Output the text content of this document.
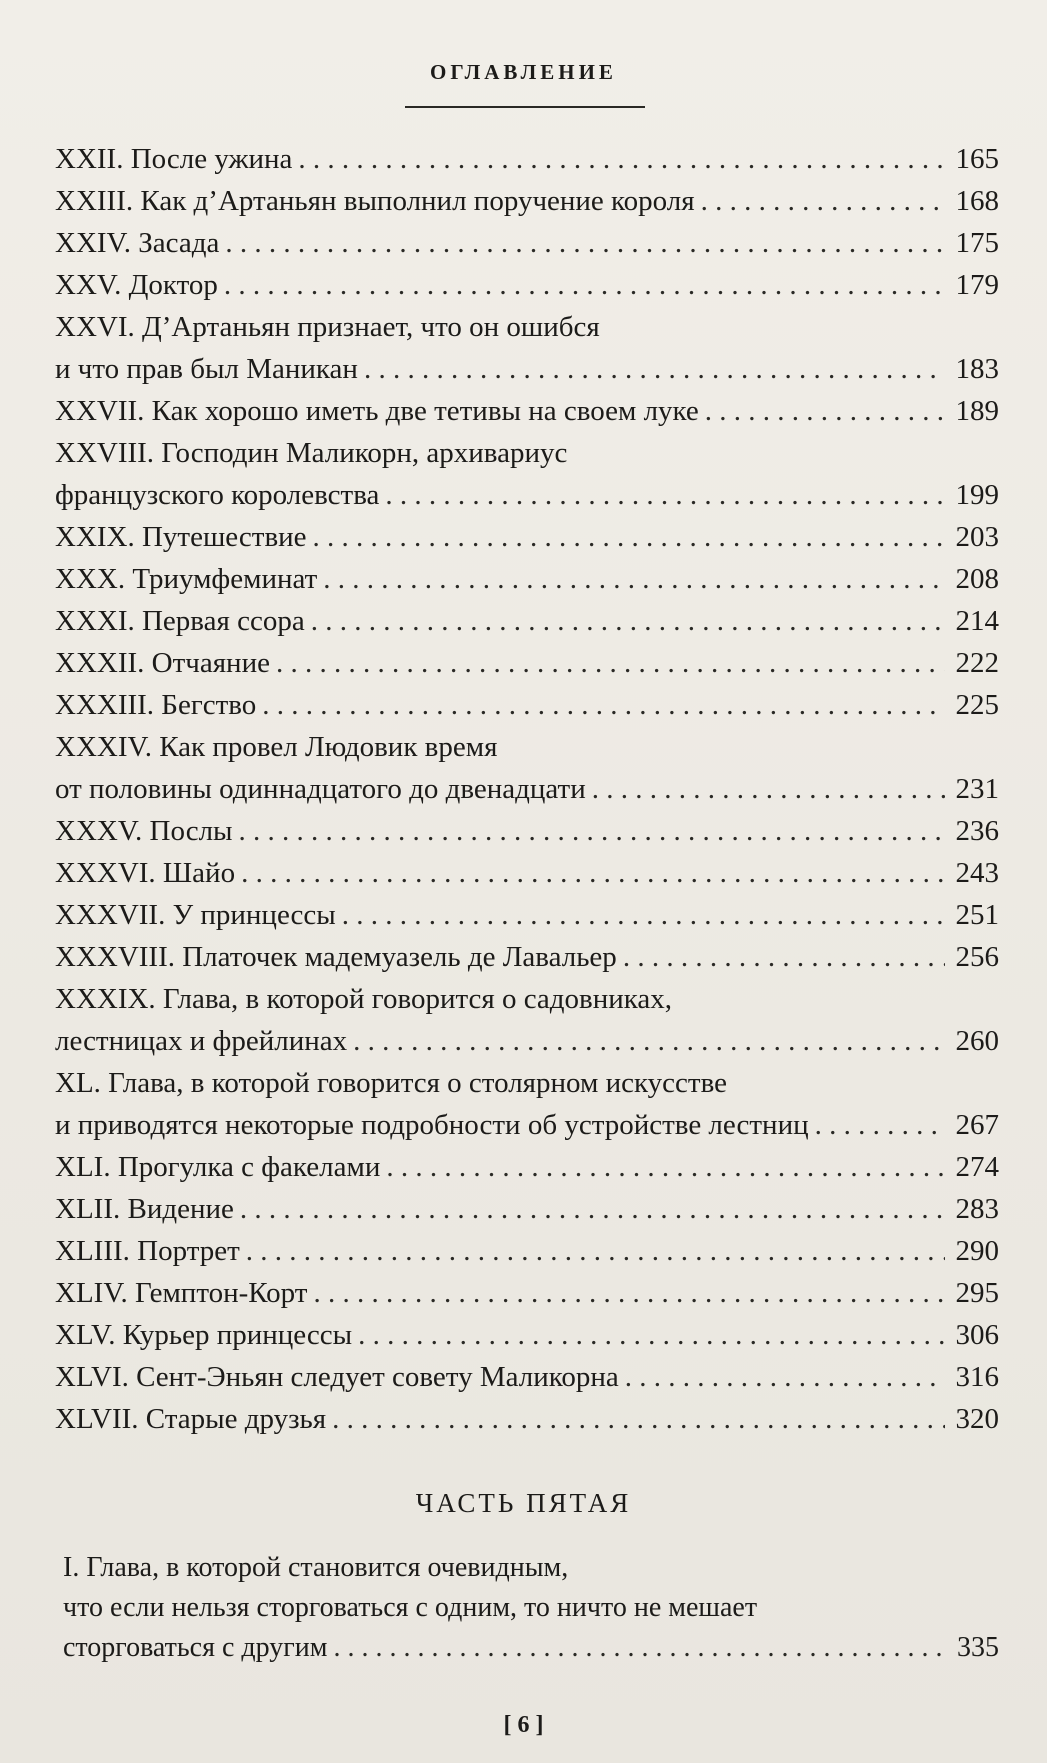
ОГЛАВЛЕНИЕ
XXII. После ужина . . .	165
XXIII. Как д’Артаньян выполнил поручение короля . . .	168
XXIV. Засада . . .	175
XXV. Доктор . . .	179
XXVI. Д’Артаньян признает, что он ошибся
и что прав был Маникан . . .	183
XXVII. Как хорошо иметь две тетивы на своем луке . . .	189
XXVIII. Господин Маликорн, архивариус
французского королевства . . .	199
XXIX. Путешествие . . .	203
XXX. Триумфеминат . . .	208
XXXI. Первая ссора . . .	214
XXXII. Отчаяние . . .	222
XXXIII. Бегство . . .	225
XXXIV. Как провел Людовик время
от половины одиннадцатого до двенадцати . . .	231
XXXV. Послы . . .	236
XXXVI. Шайо . . .	243
XXXVII. У принцессы . . .	251
XXXVIII. Платочек мадемуазель де Лавальер . . .	256
XXXIX. Глава, в которой говорится о садовниках,
лестницах и фрейлинах . . .	260
XL. Глава, в которой говорится о столярном искусстве
и приводятся некоторые подробности об устройстве лестниц . . .	267
XLI. Прогулка с факелами . . .	274
XLII. Видение . . .	283
XLIII. Портрет . . .	290
XLIV. Гемптон-Корт . . .	295
XLV. Курьер принцессы . . .	306
XLVI. Сент-Эньян следует совету Маликорна . . .	316
XLVII. Старые друзья . . .	320
ЧАСТЬ ПЯТАЯ
I. Глава, в которой становится очевидным,
что если нельзя сторговаться с одним, то ничто не мешает
сторговаться с другим . . .	335
[ 6 ]
